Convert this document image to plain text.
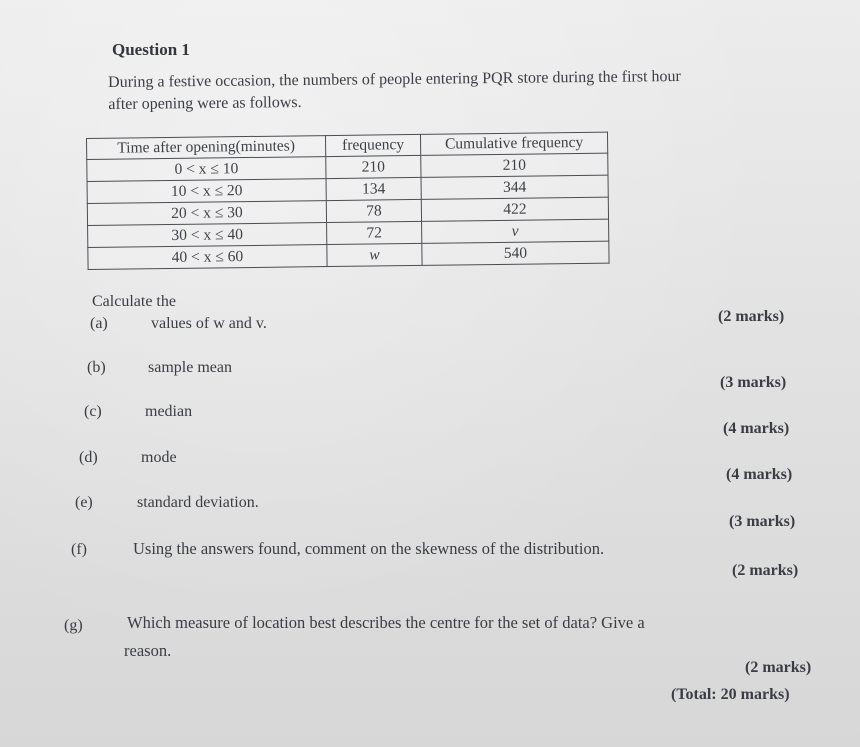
Question 1
During a festive occasion, the numbers of people entering PQR store during the first hour
after opening were as follows.
Time after opening(minutes)	frequency	Cumulative frequency
0 < x ≤ 10	210	210
10 < x ≤ 20	134	344
20 < x ≤ 30	78	422
30 < x ≤ 40	72	v
40 < x ≤ 60	w	540
Calculate the
(a)	values of w and v.	(2 marks)
(b)	sample mean
(3 marks)
(c)	median
(4 marks)
(d)	mode
(4 marks)
(e)	standard deviation.
(3 marks)
(f)	Using the answers found, comment on the skewness of the distribution.
(2 marks)
(g)	Which measure of location best describes the centre for the set of data? Give a
reason.
(2 marks)
(Total: 20 marks)
